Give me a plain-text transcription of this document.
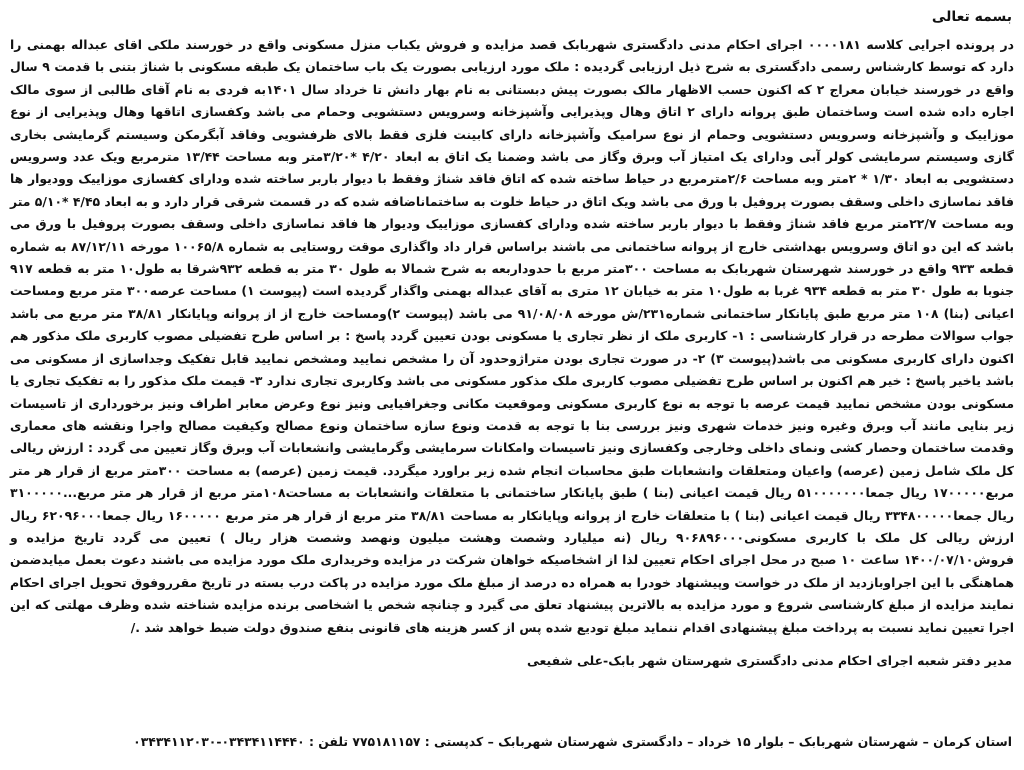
بسمه تعالی

در پرونده اجرایی کلاسه ۰۰۰۰۱۸۱ اجرای احکام مدنی دادگستری شهربابک قصد مزایده و فروش یکباب منزل مسکونی واقع در خورسند ملکی اقای عبداله بهمنی را دارد که توسط کارشناس رسمی دادگستری به شرح ذیل ارزیابی گردیده : ملک مورد ارزیابی بصورت یک باب ساختمان یک طبقه مسکونی با شناژ بتنی با قدمت ۹ سال واقع در خورسند خیابان معراج ۲ که اکنون حسب الاظهار مالک بصورت پیش دبستانی به نام بهار دانش تا خرداد سال ۱۴۰۱به فردی به نام آقای طالبی از سوی مالک اجاره داده شده است وساختمان طبق پروانه دارای ۲ اتاق وهال وپذیرایی وآشپزخانه وسرویس دستشویی وحمام می باشد وکفسازی اتاقها وهال وپذیرایی از نوع موزاییک و وآشپزخانه وسرویس دستشویی وحمام از نوع سرامیک وآشپزخانه دارای کابینت فلزی فقط بالای ظرفشویی وفاقد آبگرمکن وسیستم گرمایشی بخاری گازی وسیستم سرمایشی کولر آبی ودارای یک امتیاز آب وبرق وگاز می باشد وضمنا یک اتاق به ابعاد ۴/۲۰ *۳/۲۰متر وبه مساحت ۱۳/۴۴ مترمربع ویک عدد وسرویس دستشویی به ابعاد ۱/۳۰ * ۲متر وبه مساحت ۲/۶مترمربع در حیاط ساخته شده که اتاق فاقد شناژ وفقط با دیوار باربر ساخته شده ودارای کفسازی موزاییک وودیوار ها فاقد نماسازی داخلی وسقف بصورت پروفیل با ورق می باشد ویک اتاق در حیاط خلوت به ساختماناضافه شده که در قسمت شرقی قرار دارد و به ابعاد ۴/۴۵ *۵/۱۰ متر وبه مساحت ۲۲/۷متر مربع فاقد شناژ وفقط با دیوار باربر ساخته شده ودارای کفسازی موزاییک ودیوار ها فاقد نماسازی داخلی وسقف بصورت پروفیل با ورق می باشد که این دو اتاق وسرویس بهداشتی خارج از پروانه ساختمانی می باشند براساس قرار داد واگذاری موقت روستایی به شماره ۱۰۰۶۵/۸ مورخه ۸۷/۱۲/۱۱ به شماره قطعه ۹۳۳ واقع در خورسند شهرستان شهربابک به مساحت ۳۰۰متر مربع با حدوداربعه به شرح شمالا به طول ۳۰ متر به قطعه ۹۳۲شرقا به طول۱۰ متر به قطعه ۹۱۷ جنوبا به طول ۳۰ متر به قطعه ۹۳۴ غربا به طول۱۰ متر به خیابان ۱۲ متری به آقای عبداله بهمنی واگذار گردیده است (پیوست ۱) مساحت عرصه۳۰۰ متر مربع ومساحت اعیانی (بنا) ۱۰۸ متر مربع طبق پایانکار ساختمانی شماره۲۳۱/ش مورخه ۹۱/۰۸/۰۸ می باشد (پیوست ۲)ومساحت خارج از از پروانه وپایانکار ۳۸/۸۱ متر مربع می باشد جواب سوالات مطرحه در قرار کارشناسی : ۱- کاربری ملک از نظر تجاری یا مسکونی بودن تعیین گردد پاسخ : بر اساس طرح تفضیلی مصوب کاربری ملک مذکور هم اکنون دارای کاربری مسکونی می باشد(پیوست ۳) ۲- در صورت تجاری بودن متراژوحدود آن را مشخص نمایید ومشخص نمایید قابل تفکیک وجداسازی از مسکونی می باشد یاخیر پاسخ : خیر هم اکنون بر اساس طرح تفضیلی مصوب کاربری ملک مذکور مسکونی می باشد وکاربری تجاری ندارد ۳- قیمت ملک مذکور را به تفکیک تجاری یا مسکونی بودن مشخص نمایید قیمت عرصه با توجه به نوع کاربری مسکونی وموقعیت مکانی وجغرافیایی ونیز نوع وعرض معابر اطراف ونیز برخورداری از تاسیسات زیر بنایی مانند آب وبرق وغیره ونیز خدمات شهری ونیز بررسی بنا با توجه به قدمت ونوع سازه ساختمان ونوع مصالح وکیفیت مصالح واجرا ونقشه های معماری وقدمت ساختمان وحصار کشی ونمای داخلی وخارجی وکفسازی ونیز تاسیسات وامکانات سرمایشی وگرمایشی وانشعابات آب وبرق وگاز تعیین می گردد : ارزش ریالی کل ملک شامل زمین (عرصه) واعیان ومتعلقات وانشعابات طبق محاسبات انجام شده زیر براورد میگردد. قیمت زمین (عرصه) به مساحت ۳۰۰متر مربع از قرار هر متر مربع۱۷۰۰۰۰۰ ریال جمعا۵۱۰۰۰۰۰۰۰ ریال قیمت اعیانی (بنا ) طبق پایانکار ساختمانی با متعلقات وانشعابات به مساحت۱۰۸متر مربع از قرار هر متر مربع...۳۱۰۰۰۰۰ ریال جمعا۳۳۴۸۰۰۰۰۰ ریال قیمت اعیانی (بنا ) با متعلقات خارج از پروانه وپایانکار به مساحت ۳۸/۸۱ متر مربع از قرار هر متر مربع ۱۶۰۰۰۰۰ ریال جمعا۶۲۰۹۶۰۰۰ ریال ارزش ریالی کل ملک با کاربری مسکونی۹۰۶۸۹۶۰۰۰ ریال (نه میلیارد وشصت وهشت میلیون ونهصد وشصت هزار ریال ) تعیین می گردد تاریخ مزایده و فروش۱۴۰۰/۰۷/۱۰ ساعت ۱۰ صبح در محل اجرای احکام تعیین لذا از اشخاصیکه خواهان شرکت در مزایده وخریداری ملک مورد مزایده می باشند دعوت بعمل میایدضمن هماهنگی با این اجراوبازدید از ملک در خواست وپیشنهاد خودرا به همراه ده درصد از مبلغ ملک مورد مزایده در پاکت درب بسته در تاریخ مقرروفوق تحویل اجرای احکام نمایند مزایده از مبلغ کارشناسی شروع و مورد مزایده به بالاترین پیشنهاد تعلق می گیرد و چنانچه شخص یا اشخاصی برنده مزایده شناخته شده وظرف مهلتی که این اجرا تعیین نماید نسبت به پرداخت مبلغ پیشنهادی اقدام ننماید مبلغ تودیع شده پس از کسر هزینه های قانونی بنفع صندوق دولت ضبط خواهد شد ./

مدیر دفتر شعبه اجرای احکام مدنی دادگستری شهرستان شهر بابک-علی شفیعی
استان کرمان – شهرستان شهربابک – بلوار ۱۵ خرداد – دادگستری شهرستان شهربابک – کدپستی : ۷۷۵۱۸۱۱۵۷ تلفن : ۰۳۴۳۴۱۱۴۴۴۰-۰۳۴۳۴۱۱۲۰۳۰
